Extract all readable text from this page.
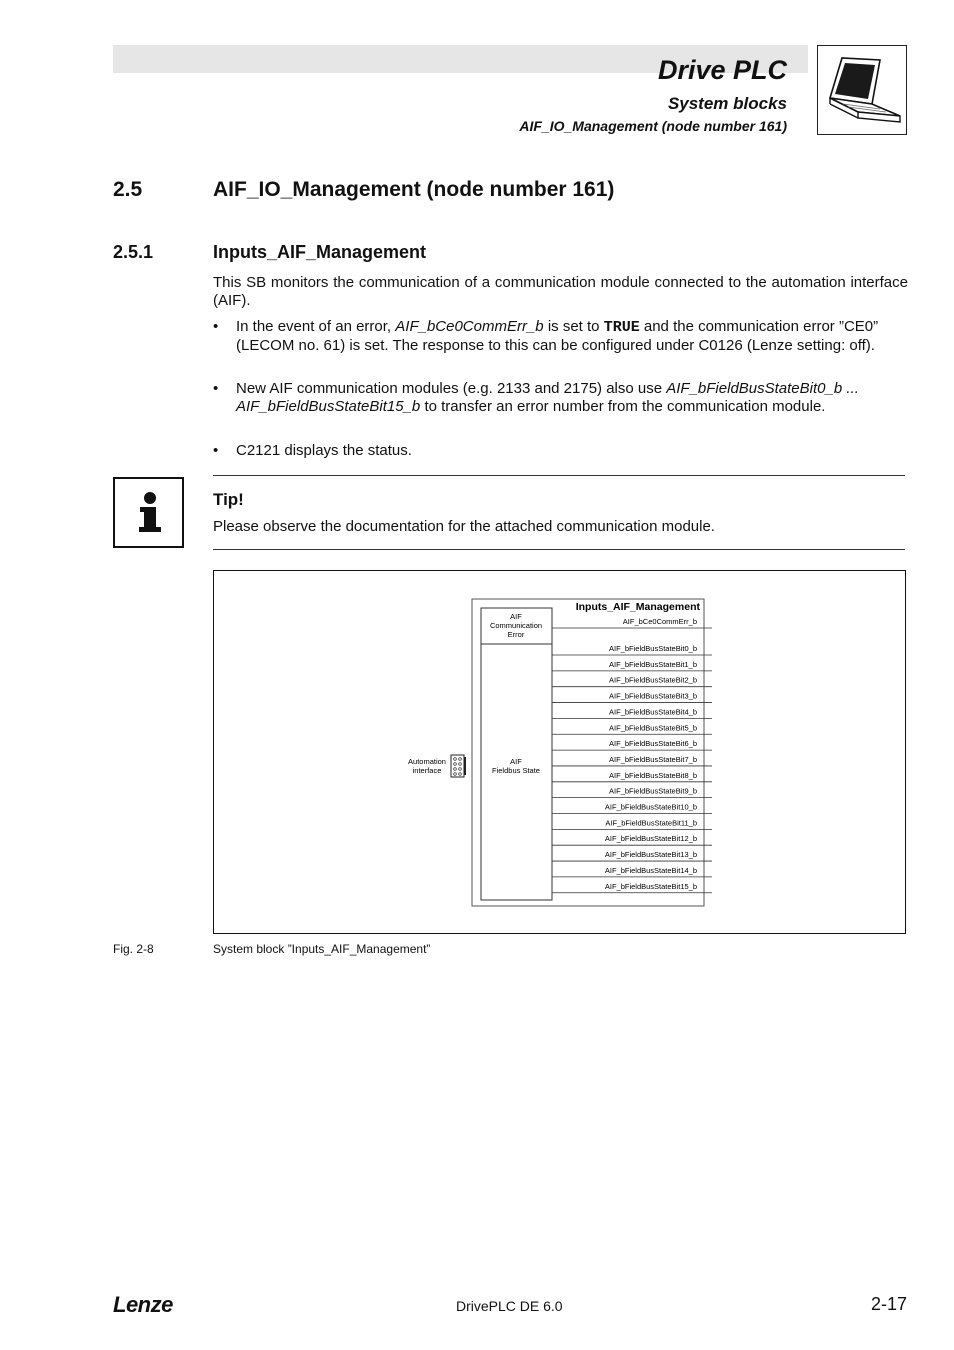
Drive PLC
System blocks
AIF_IO_Management (node number 161)
2.5	AIF_IO_Management (node number 161)
2.5.1	Inputs_AIF_Management
This SB monitors the communication of a communication module connected to the automation interface (AIF).
• In the event of an error, AIF_bCe0CommErr_b is set to TRUE and the communication error ”CE0” (LECOM no. 61) is set. The response to this can be configured under C0126 (Lenze setting: off).
• New AIF communication modules (e.g. 2133 and 2175) also use AIF_bFieldBusStateBit0_b ... AIF_bFieldBusStateBit15_b to transfer an error number from the communication module.
• C2121 displays the status.
Tip!
Please observe the documentation for the attached communication module.
Inputs_AIF_Management
AIF
Communication
Error
AIF
Fieldbus State
AIF_bCe0CommErr_b
AIF_bFieldBusStateBit0_b
AIF_bFieldBusStateBit1_b
AIF_bFieldBusStateBit2_b
AIF_bFieldBusStateBit3_b
AIF_bFieldBusStateBit4_b
AIF_bFieldBusStateBit5_b
AIF_bFieldBusStateBit6_b
AIF_bFieldBusStateBit7_b
AIF_bFieldBusStateBit8_b
AIF_bFieldBusStateBit9_b
AIF_bFieldBusStateBit10_b
AIF_bFieldBusStateBit11_b
AIF_bFieldBusStateBit12_b
AIF_bFieldBusStateBit13_b
AIF_bFieldBusStateBit14_b
AIF_bFieldBusStateBit15_b
Automation
interface
Fig. 2-8	System block ”Inputs_AIF_Management”
Lenze	DrivePLC DE 6.0	2-17
